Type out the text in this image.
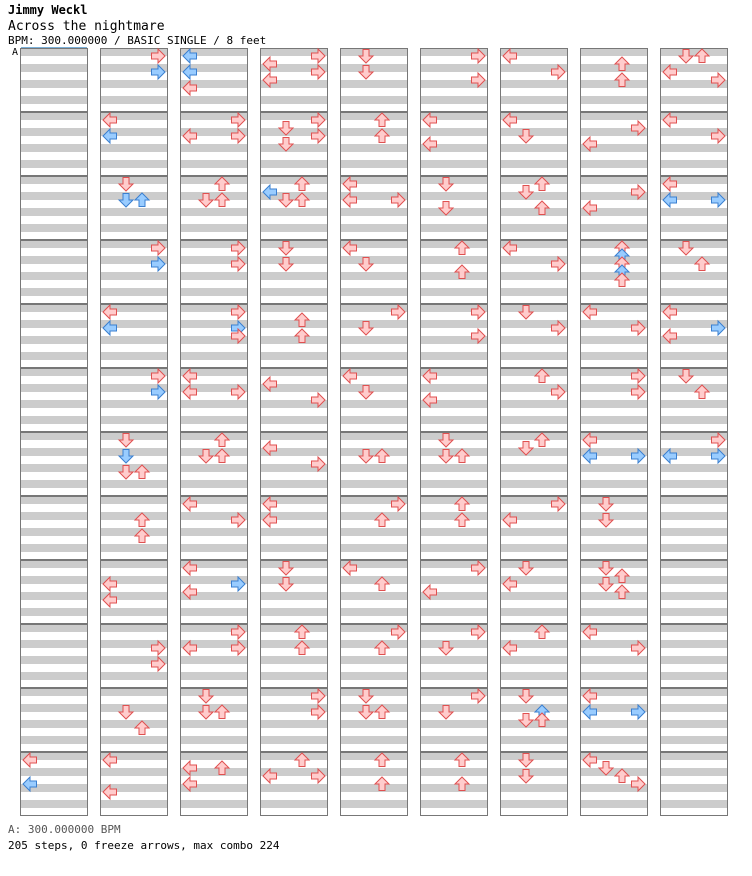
Jimmy Weckl
Across the nightmare
BPM: 300.000000 / BASIC SINGLE / 8 feet
A
A: 300.000000 BPM
205 steps, 0 freeze arrows, max combo 224
